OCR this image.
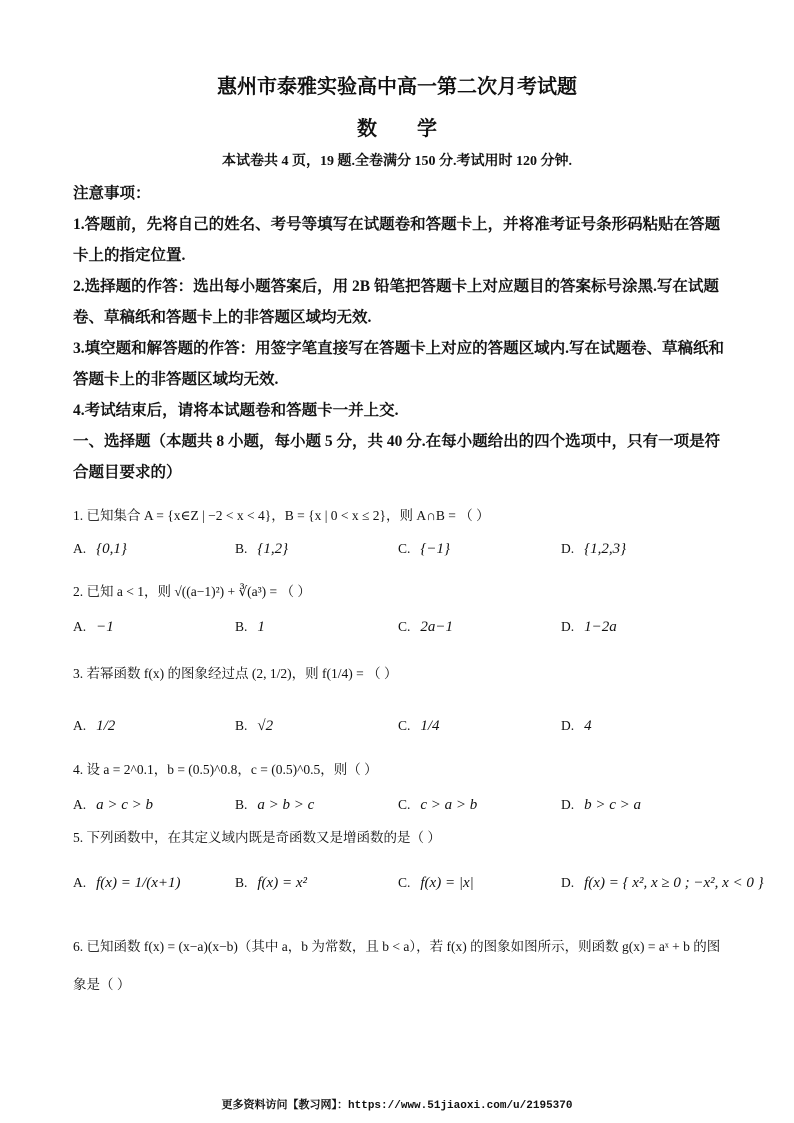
惠州市泰雅实验高中高一第二次月考试题
数        学
本试卷共 4 页，19 题.全卷满分 150 分.考试用时 120 分钟.
注意事项：
1.答题前，先将自己的姓名、考号等填写在试题卷和答题卡上，并将准考证号条形码粘贴在答题卡上的指定位置.
2.选择题的作答：选出每小题答案后，用 2B 铅笔把答题卡上对应题目的答案标号涂黑.写在试题卷、草稿纸和答题卡上的非答题区域均无效.
3.填空题和解答题的作答：用签字笔直接写在答题卡上对应的答题区域内.写在试题卷、草稿纸和答题卡上的非答题区域均无效.
4.考试结束后，请将本试题卷和答题卡一并上交.
一、选择题（本题共 8 小题，每小题 5 分，共 40 分.在每小题给出的四个选项中，只有一项是符合题目要求的）
1. 已知集合 A = {x∈Z | −2 < x < 4}，B = {x | 0 < x ≤ 2}，则 A∩B = （ ）
A. {0,1}	B. {1,2}	C. {−1}	D. {1,2,3}
2. 已知 a < 1，则 √((a−1)²) + ∛(a³) = （ ）
A. −1	B. 1	C. 2a−1	D. 1−2a
3. 若幂函数 f(x) 的图象经过点 (2, 1/2)，则 f(1/4) = （ ）
A. 1/2	B. √2	C. 1/4	D. 4
4. 设 a = 2^0.1，b = (0.5)^0.8，c = (0.5)^0.5，则（ ）
A. a > c > b	B. a > b > c	C. c > a > b	D. b > c > a
5. 下列函数中，在其定义域内既是奇函数又是增函数的是（ ）
A. f(x) = 1/(x+1)	B. f(x) = x²	C. f(x) = |x|	D. f(x) = { x², x ≥ 0 ; −x², x < 0 }
6. 已知函数 f(x) = (x−a)(x−b)（其中 a，b 为常数，且 b < a），若 f(x) 的图象如图所示，则函数 g(x) = aˣ + b 的图象是（ ）
更多资料访问【教习网】：https://www.51jiaoxi.com/u/2195370
